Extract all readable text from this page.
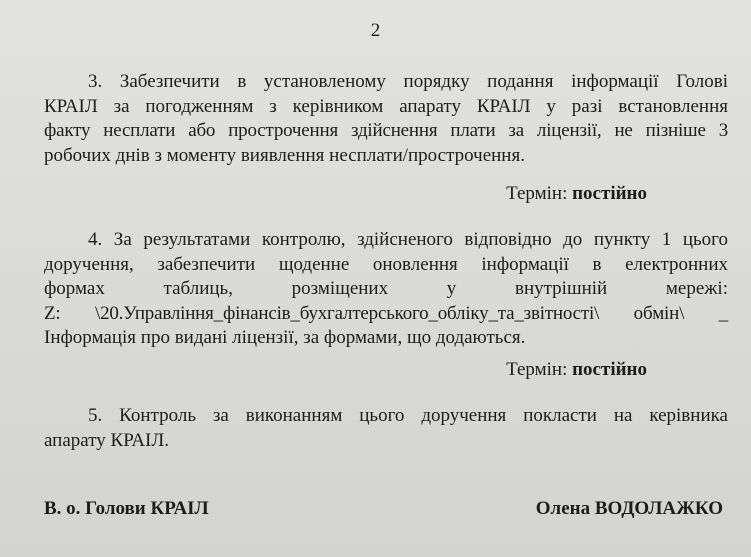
2
3. Забезпечити в установленому порядку подання інформації Голові
КРАІЛ за погодженням з керівником апарату КРАІЛ у разі встановлення
факту несплати або прострочення здійснення плати за ліцензії, не пізніше 3
робочих днів з моменту виявлення несплати/прострочення.
Термін: постійно
4. За результатами контролю, здійсненого відповідно до пункту 1 цього
доручення, забезпечити щоденне оновлення інформації в електронних
формах таблиць, розміщених у внутрішній мережі:
Z: \20.Управління_фінансів_бухгалтерського_обліку_та_звітності\ обмін\ _
Інформація про видані ліцензії, за формами, що додаються.
Термін: постійно
5. Контроль за виконанням цього доручення покласти на керівника
апарату КРАІЛ.
В. о. Голови КРАІЛ	Олена ВОДОЛАЖКО
